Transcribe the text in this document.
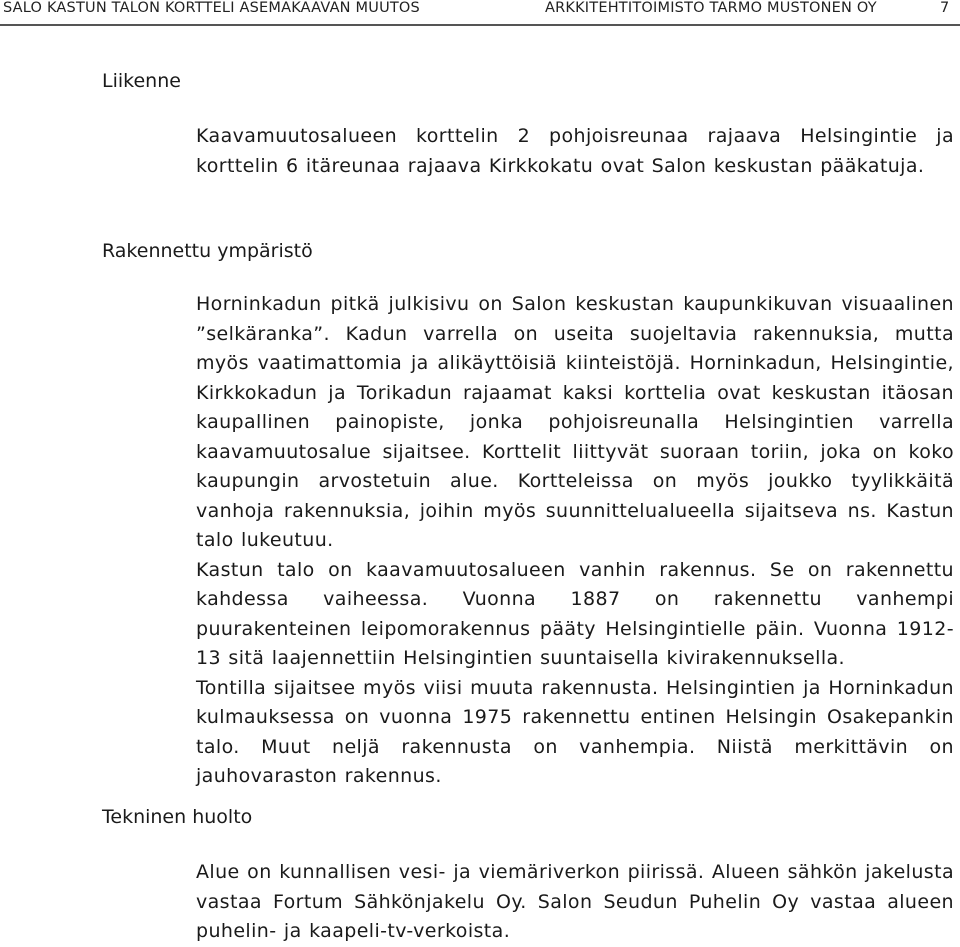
SALO KASTUN TALON KORTTELI ASEMAKAAVAN MUUTOS	ARKKITEHTITOIMISTO TARMO MUSTONEN OY	7
Liikenne

Kaavamuutosalueen korttelin 2 pohjoisreunaa rajaava Helsingintie ja korttelin 6 itäreunaa rajaava Kirkkokatu ovat Salon keskustan pääkatuja.

Rakennettu ympäristö

Horninkadun pitkä julkisivu on Salon keskustan kaupunkikuvan visuaalinen ”selkäranka”. Kadun varrella on useita suojeltavia rakennuksia, mutta myös vaatimattomia ja alikäyttöisiä kiinteistöjä. Horninkadun, Helsingintie, Kirkkokadun ja Torikadun rajaamat kaksi korttelia ovat keskustan itäosan kaupallinen painopiste, jonka pohjoisreunalla Helsingintien varrella kaavamuutosalue sijaitsee. Korttelit liittyvät suoraan toriin, joka on koko kaupungin arvostetuin alue. Kortteleissa on myös joukko tyylikkäitä vanhoja rakennuksia, joihin myös suunnittelualueella sijaitseva ns. Kastun talo lukeutuu.

Kastun talo on kaavamuutosalueen vanhin rakennus. Se on rakennettu kahdessa vaiheessa. Vuonna 1887 on rakennettu vanhempi puurakenteinen leipomorakennus pääty Helsingintielle päin. Vuonna 1912-13 sitä laajennettiin Helsingintien suuntaisella kivirakennuksella.

Tontilla sijaitsee myös viisi muuta rakennusta. Helsingintien ja Horninkadun kulmauksessa on vuonna 1975 rakennettu entinen Helsingin Osakepankin talo. Muut neljä rakennusta on vanhempia. Niistä merkittävin on jauhovaraston rakennus.

Tekninen huolto

Alue on kunnallisen vesi- ja viemäriverkon piirissä. Alueen sähkön jakelusta vastaa Fortum Sähkönjakelu Oy. Salon Seudun Puhelin Oy vastaa alueen puhelin- ja kaapeli-tv-verkoista.
